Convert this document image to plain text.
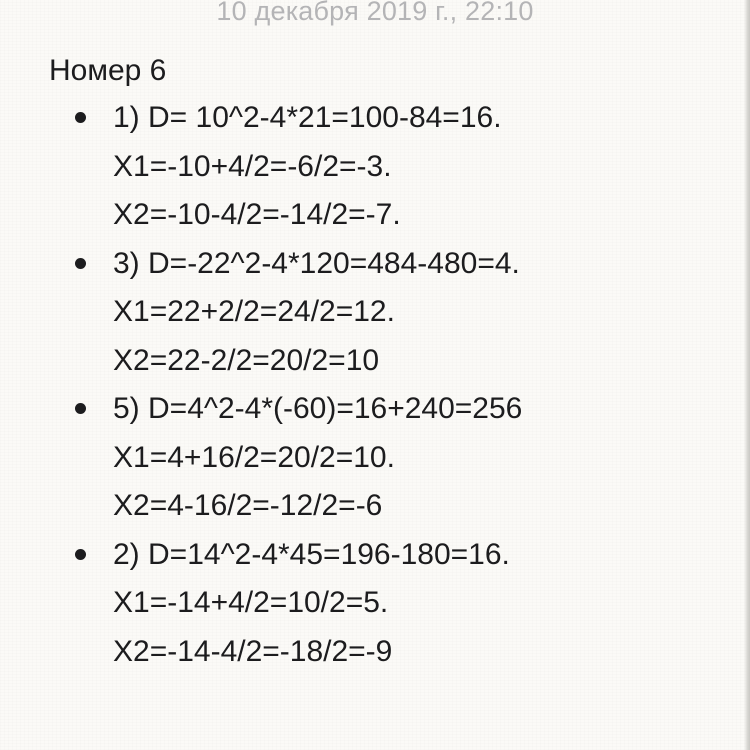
10 декабря 2019 г., 22:10
Номер 6
1) D= 10^2-4*21=100-84=16.
X1=-10+4/2=-6/2=-3.
X2=-10-4/2=-14/2=-7.
3) D=-22^2-4*120=484-480=4.
X1=22+2/2=24/2=12.
X2=22-2/2=20/2=10
5) D=4^2-4*(-60)=16+240=256
X1=4+16/2=20/2=10.
X2=4-16/2=-12/2=-6
2) D=14^2-4*45=196-180=16.
X1=-14+4/2=10/2=5.
X2=-14-4/2=-18/2=-9
